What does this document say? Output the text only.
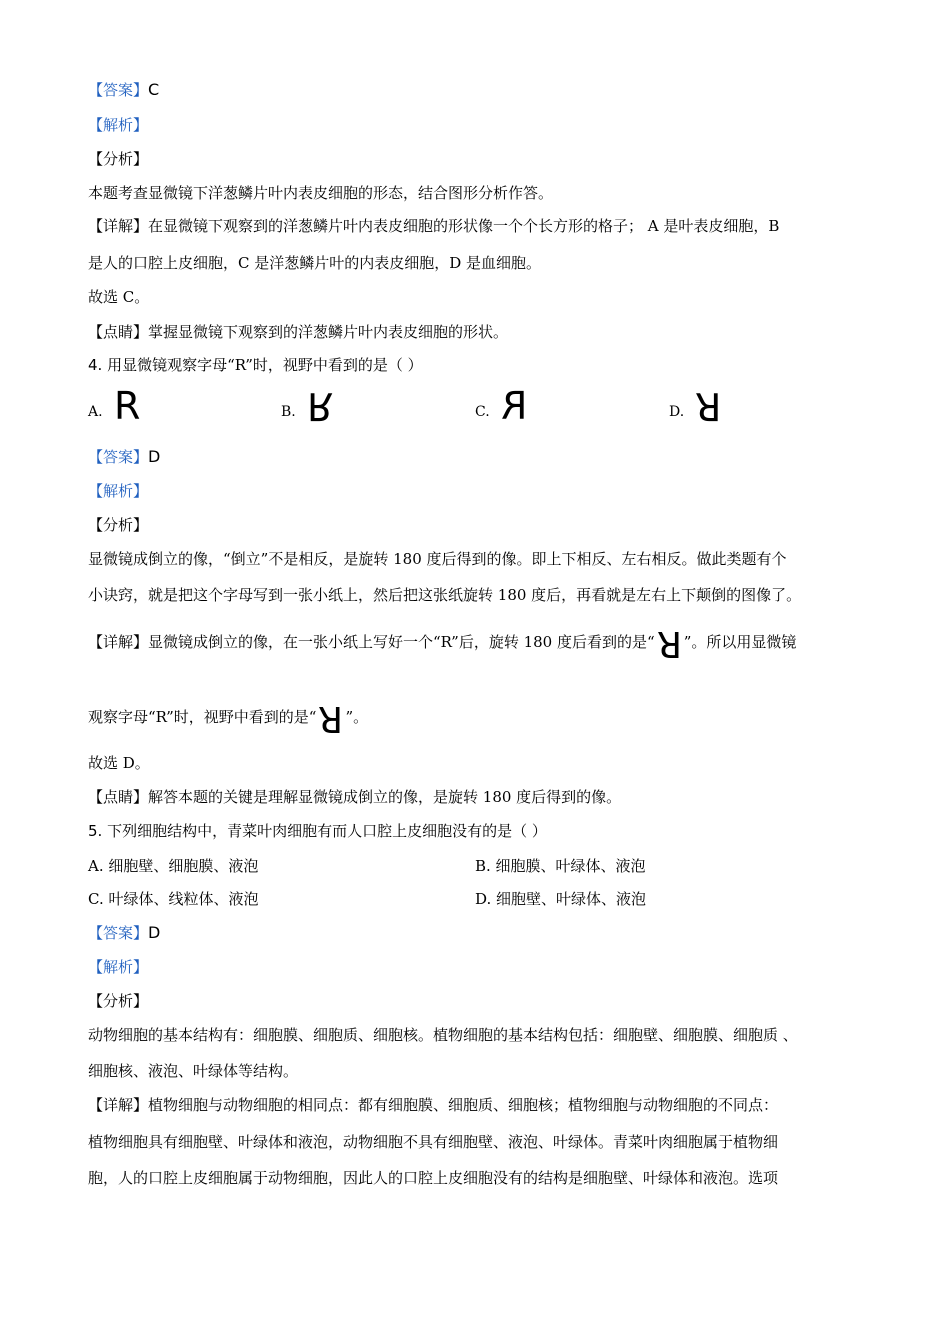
【答案】C
【解析】
【分析】
本题考查显微镜下洋葱鳞片叶内表皮细胞的形态，结合图形分析作答。
【详解】在显微镜下观察到的洋葱鳞片叶内表皮细胞的形状像一个个长方形的格子； A 是叶表皮细胞，B
是人的口腔上皮细胞，C 是洋葱鳞片叶的内表皮细胞，D 是血细胞。
故选 C。
【点睛】掌握显微镜下观察到的洋葱鳞片叶内表皮细胞的形状。
4. 用显微镜观察字母“R”时，视野中看到的是（ ）
A. R	B. R	C. R	D. R
【答案】D
【解析】
【分析】
显微镜成倒立的像，“倒立”不是相反，是旋转 180 度后得到的像。即上下相反、左右相反。做此类题有个
小诀窍，就是把这个字母写到一张小纸上，然后把这张纸旋转 180 度后，再看就是左右上下颠倒的图像了。
【详解】显微镜成倒立的像，在一张小纸上写好一个“R”后，旋转 180 度后看到的是“R ”。所以用显微镜
观察字母“R”时，视野中看到的是“R ”。
故选 D。
【点睛】解答本题的关键是理解显微镜成倒立的像，是旋转 180 度后得到的像。
5. 下列细胞结构中，青菜叶肉细胞有而人口腔上皮细胞没有的是（ ）
A. 细胞壁、细胞膜、液泡	B. 细胞膜、叶绿体、液泡
C. 叶绿体、线粒体、液泡	D. 细胞壁、叶绿体、液泡
【答案】D
【解析】
【分析】
动物细胞的基本结构有：细胞膜、细胞质、细胞核。植物细胞的基本结构包括：细胞壁、细胞膜、细胞质 、
细胞核、液泡、叶绿体等结构。
【详解】植物细胞与动物细胞的相同点：都有细胞膜、细胞质、细胞核；植物细胞与动物细胞的不同点：
植物细胞具有细胞壁、叶绿体和液泡，动物细胞不具有细胞壁、液泡、叶绿体。青菜叶肉细胞属于植物细
胞，人的口腔上皮细胞属于动物细胞，因此人的口腔上皮细胞没有的结构是细胞壁、叶绿体和液泡。选项
